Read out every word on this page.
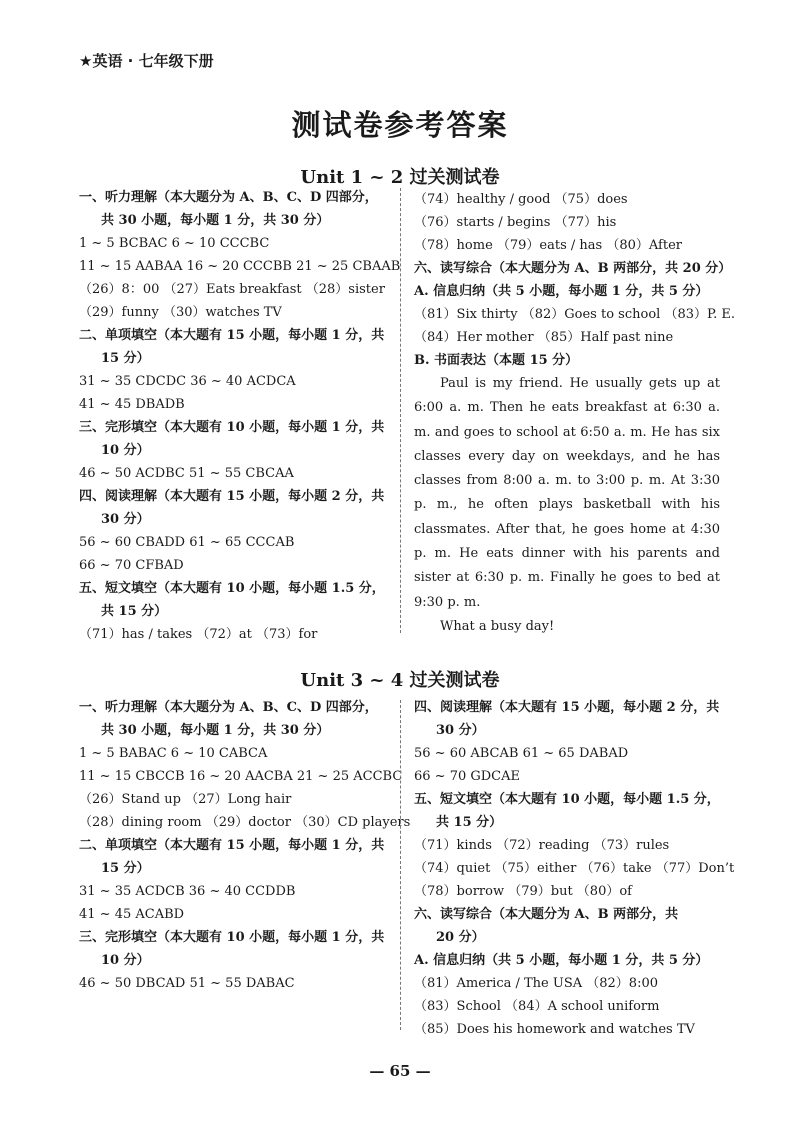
★英语 · 七年级下册
测试卷参考答案
Unit 1 ~ 2 过关测试卷
一、听力理解（本大题分为 A、B、C、D 四部分，
共 30 小题，每小题 1 分，共 30 分）
1 ~ 5 BCBAC 6 ~ 10 CCCBC
11 ~ 15 AABAA 16 ~ 20 CCCBB 21 ~ 25 CBAAB
（26）8：00 （27）Eats breakfast （28）sister
（29）funny （30）watches TV
二、单项填空（本大题有 15 小题，每小题 1 分，共
15 分）
31 ~ 35 CDCDC 36 ~ 40 ACDCA
41 ~ 45 DBADB
三、完形填空（本大题有 10 小题，每小题 1 分，共
10 分）
46 ~ 50 ACDBC 51 ~ 55 CBCAA
四、阅读理解（本大题有 15 小题，每小题 2 分，共
30 分）
56 ~ 60 CBADD 61 ~ 65 CCCAB
66 ~ 70 CFBAD
五、短文填空（本大题有 10 小题，每小题 1.5 分，
共 15 分）
（71）has / takes （72）at （73）for
（74）healthy / good （75）does
（76）starts / begins （77）his
（78）home （79）eats / has （80）After
六、读写综合（本大题分为 A、B 两部分，共 20 分）
A. 信息归纳（共 5 小题，每小题 1 分，共 5 分）
（81）Six thirty （82）Goes to school （83）P. E.
（84）Her mother （85）Half past nine
B. 书面表达（本题 15 分）

Paul is my friend. He usually gets up at 6:00 a. m. Then he eats breakfast at 6:30 a. m. and goes to school at 6:50 a. m. He has six classes every day on weekdays, and he has classes from 8:00 a. m. to 3:00 p. m. At 3:30 p. m., he often plays basketball with his classmates. After that, he goes home at 4:30 p. m. He eats dinner with his parents and sister at 6:30 p. m. Finally he goes to bed at 9:30 p. m.

What a busy day!

Unit 3 ~ 4 过关测试卷
一、听力理解（本大题分为 A、B、C、D 四部分，
共 30 小题，每小题 1 分，共 30 分）
1 ~ 5 BABAC 6 ~ 10 CABCA
11 ~ 15 CBCCB 16 ~ 20 AACBA 21 ~ 25 ACCBC
（26）Stand up （27）Long hair
（28）dining room （29）doctor （30）CD players
二、单项填空（本大题有 15 小题，每小题 1 分，共
15 分）
31 ~ 35 ACDCB 36 ~ 40 CCDDB
41 ~ 45 ACABD
三、完形填空（本大题有 10 小题，每小题 1 分，共
10 分）
46 ~ 50 DBCAD 51 ~ 55 DABAC
四、阅读理解（本大题有 15 小题，每小题 2 分，共
30 分）
56 ~ 60 ABCAB 61 ~ 65 DABAD
66 ~ 70 GDCAE
五、短文填空（本大题有 10 小题，每小题 1.5 分，
共 15 分）
（71）kinds （72）reading （73）rules
（74）quiet （75）either （76）take （77）Don’t
（78）borrow （79）but （80）of
六、读写综合（本大题分为 A、B 两部分，共
20 分）
A. 信息归纳（共 5 小题，每小题 1 分，共 5 分）
（81）America / The USA （82）8:00
（83）School （84）A school uniform
（85）Does his homework and watches TV
— 65 —
